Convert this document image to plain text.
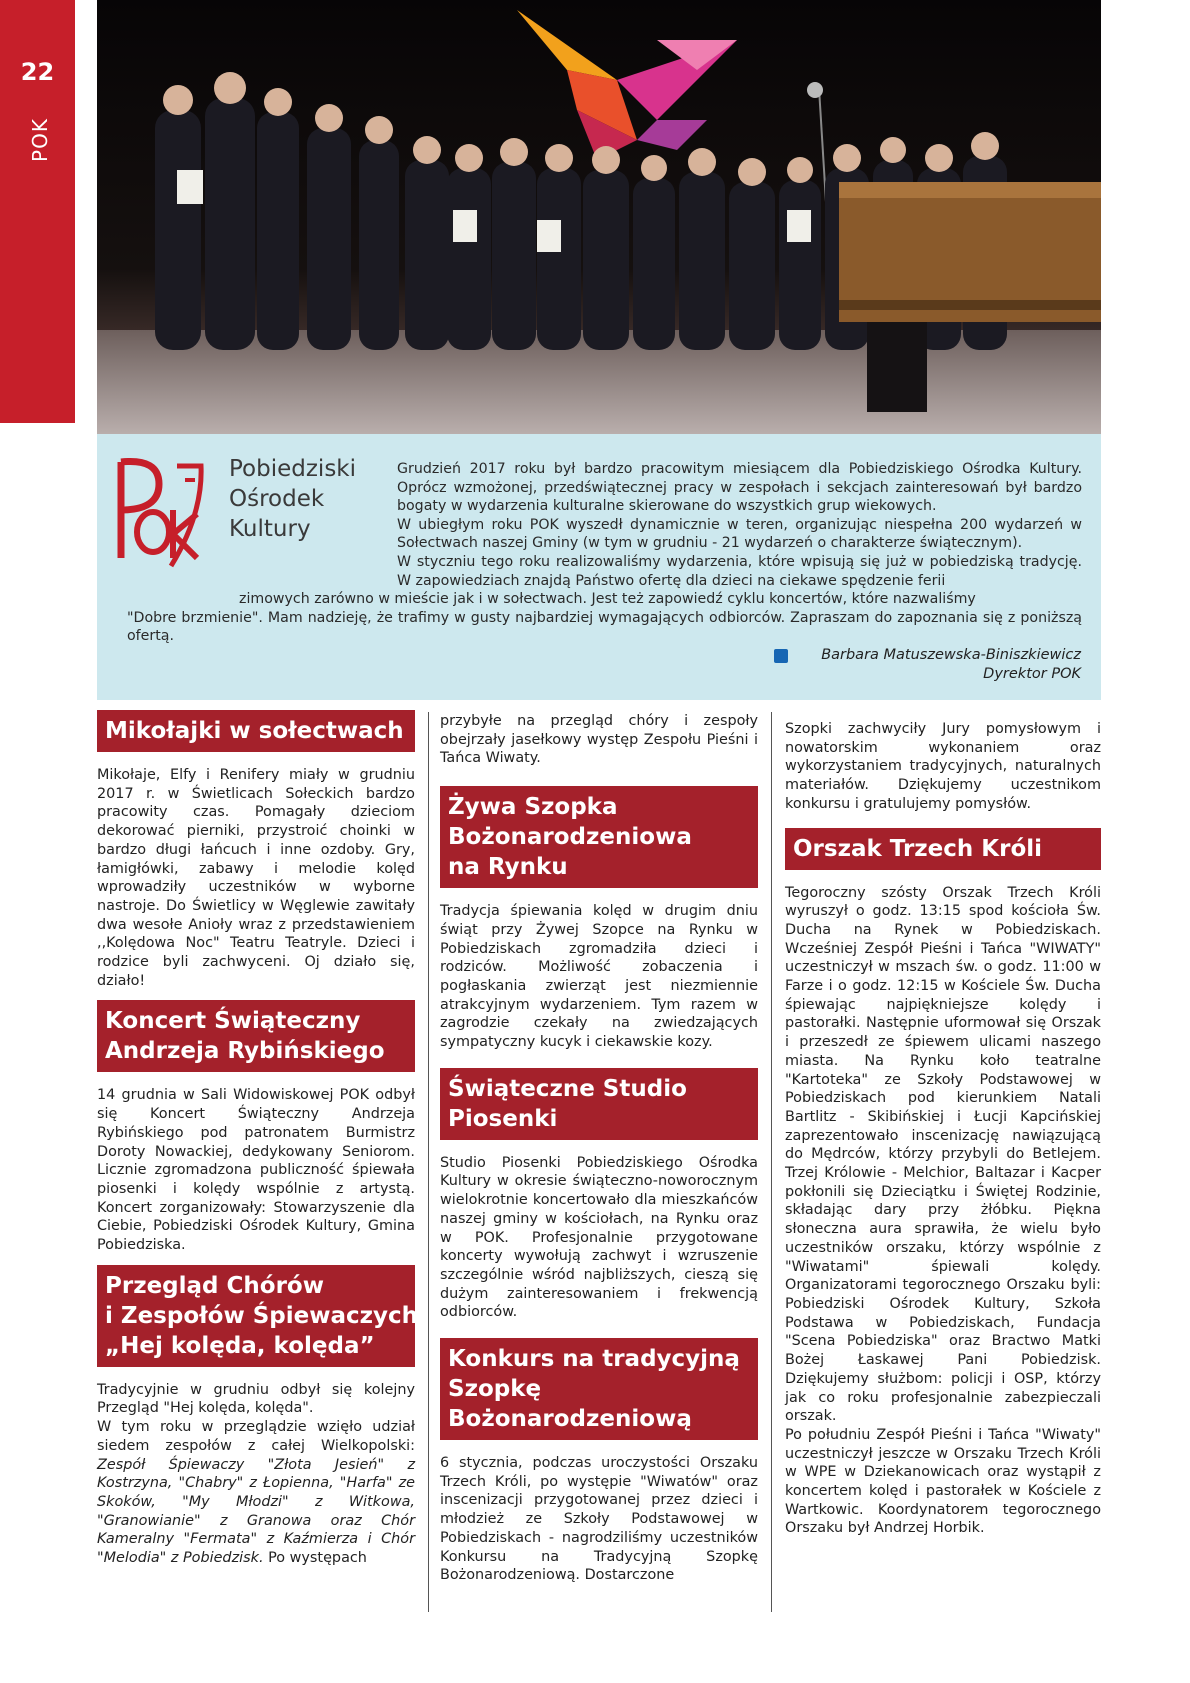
22
POK
Pobiedziski
Ośrodek
Kultury

Grudzień 2017 roku był bardzo pracowitym miesiącem dla Pobiedziskiego Ośrodka Kultury. Oprócz wzmożonej, przedświątecznej pracy w zespołach i sekcjach zainteresowań był bardzo bogaty w wydarzenia kulturalne skierowane do wszystkich grup wiekowych.

W ubiegłym roku POK wyszedł dynamicznie w teren, organizując niespełna 200 wydarzeń w Sołectwach naszej Gminy (w tym w grudniu - 21 wydarzeń o charakterze świątecznym).

W styczniu tego roku realizowaliśmy wydarzenia, które wpisują się już w pobiedziską tradycję. W zapowiedziach znajdą Państwo ofertę dla dzieci na ciekawe spędzenie ferii

zimowych zarówno w mieście jak i w sołectwach. Jest też zapowiedź cyklu koncertów, które nazwaliśmy

"Dobre brzmienie". Mam nadzieję, że trafimy w gusty najbardziej wymagających odbiorców. Zapraszam do zapoznania się z poniższą ofertą.

Barbara Matuszewska-Biniszkiewicz
Dyrektor POK
Mikołajki w sołectwach

Mikołaje, Elfy i Renifery miały w grudniu 2017 r. w Świetlicach Sołeckich bardzo pracowity czas. Pomagały dzieciom dekorować pierniki, przystroić choinki w bardzo długi łańcuch i inne ozdoby. Gry, łamigłówki, zabawy i melodie kolęd wprowadziły uczestników w wyborne nastroje. Do Świetlicy w Węglewie zawitały dwa wesołe Anioły wraz z przedstawieniem ,,Kolędowa Noc" Teatru Teatryle. Dzieci i rodzice byli zachwyceni. Oj działo się, działo!

Koncert Świąteczny
Andrzeja Rybińskiego

14 grudnia w Sali Widowiskowej POK odbył się Koncert Świąteczny Andrzeja Rybińskiego pod patronatem Burmistrz Doroty Nowackiej, dedykowany Seniorom. Licznie zgromadzona publiczność śpiewała piosenki i kolędy wspólnie z artystą. Koncert zorganizowały: Stowarzyszenie dla Ciebie, Pobiedziski Ośrodek Kultury, Gmina Pobiedziska.

Przegląd Chórów
i Zespołów Śpiewaczych
„Hej kolęda, kolęda”

Tradycyjnie w grudniu odbył się kolejny Przegląd "Hej kolęda, kolęda".

W tym roku w przeglądzie wzięło udział siedem zespołów z całej Wielkopolski: Zespół Śpiewaczy "Złota Jesień" z Kostrzyna, "Chabry" z Łopienna, "Harfa" ze Skoków, "My Młodzi" z Witkowa, "Granowianie" z Granowa oraz Chór Kameralny "Fermata" z Kaźmierza i Chór "Melodia" z Pobiedzisk. Po występach

przybyłe na przegląd chóry i zespoły obejrzały jasełkowy występ Zespołu Pieśni i Tańca Wiwaty.

Żywa Szopka
Bożonarodzeniowa
na Rynku

Tradycja śpiewania kolęd w drugim dniu świąt przy Żywej Szopce na Rynku w Pobiedziskach zgromadziła dzieci i rodziców. Możliwość zobaczenia i pogłaskania zwierząt jest niezmiennie atrakcyjnym wydarzeniem. Tym razem w zagrodzie czekały na zwiedzających sympatyczny kucyk i ciekawskie kozy.

Świąteczne Studio
Piosenki

Studio Piosenki Pobiedziskiego Ośrodka Kultury w okresie świąteczno-noworocznym wielokrotnie koncertowało dla mieszkańców naszej gminy w kościołach, na Rynku oraz w POK. Profesjonalnie przygotowane koncerty wywołują zachwyt i wzruszenie szczególnie wśród najbliższych, cieszą się dużym zainteresowaniem i frekwencją odbiorców.

Konkurs na tradycyjną
Szopkę
Bożonarodzeniową

6 stycznia, podczas uroczystości Orszaku Trzech Króli, po występie "Wiwatów" oraz inscenizacji przygotowanej przez dzieci i młodzież ze Szkoły Podstawowej w Pobiedziskach - nagrodziliśmy uczestników Konkursu na Tradycyjną Szopkę Bożonarodzeniową. Dostarczone

Szopki zachwyciły Jury pomysłowym i nowatorskim wykonaniem oraz wykorzystaniem tradycyjnych, naturalnych materiałów. Dziękujemy uczestnikom konkursu i gratulujemy pomysłów.

Orszak Trzech Króli

Tegoroczny szósty Orszak Trzech Króli wyruszył o godz. 13:15 spod kościoła Św. Ducha na Rynek w Pobiedziskach. Wcześniej Zespół Pieśni i Tańca "WIWATY" uczestniczył w mszach św. o godz. 11:00 w Farze i o godz. 12:15 w Kościele Św. Ducha śpiewając najpiękniejsze kolędy i pastorałki. Następnie uformował się Orszak i przeszedł ze śpiewem ulicami naszego miasta. Na Rynku koło teatralne "Kartoteka" ze Szkoły Podstawowej w Pobiedziskach pod kierunkiem Natali Bartlitz - Skibińskiej i Łucji Kapcińskiej zaprezentowało inscenizację nawiązującą do Mędrców, którzy przybyli do Betlejem. Trzej Królowie - Melchior, Baltazar i Kacper pokłonili się Dzieciątku i Świętej Rodzinie, składając dary przy żłóbku. Piękna słoneczna aura sprawiła, że wielu było uczestników orszaku, którzy wspólnie z "Wiwatami" śpiewali kolędy. Organizatorami tegorocznego Orszaku byli: Pobiedziski Ośrodek Kultury, Szkoła Podstawa w Pobiedziskach, Fundacja "Scena Pobiedziska" oraz Bractwo Matki Bożej Łaskawej Pani Pobiedzisk. Dziękujemy służbom: policji i OSP, którzy jak co roku profesjonalnie zabezpieczali orszak.

Po południu Zespół Pieśni i Tańca "Wiwaty" uczestniczył jeszcze w Orszaku Trzech Króli w WPE w Dziekanowicach oraz wystąpił z koncertem kolęd i pastorałek w Kościele z Wartkowic. Koordynatorem tegorocznego Orszaku był Andrzej Horbik.
